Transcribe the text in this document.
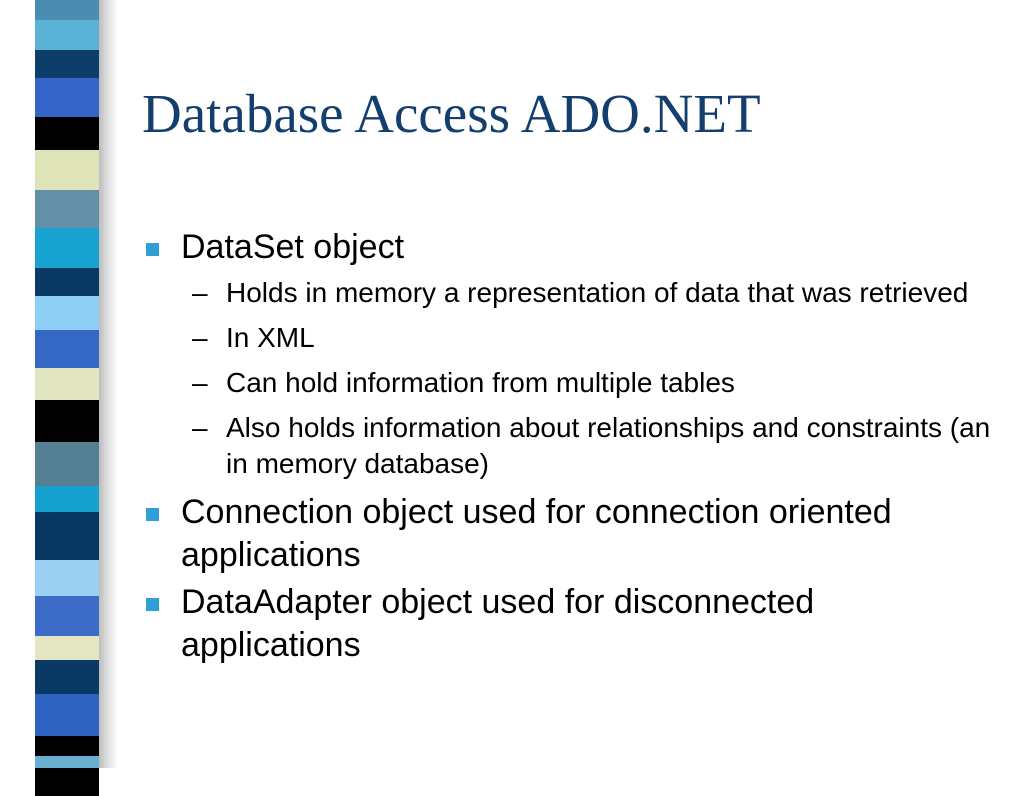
Database Access ADO.NET
DataSet object
– Holds in memory a representation of data that was retrieved
– In XML
– Can hold information from multiple tables
– Also holds information about relationships and constraints (an in memory database)
Connection object used for connection oriented applications
DataAdapter object used for disconnected applications
